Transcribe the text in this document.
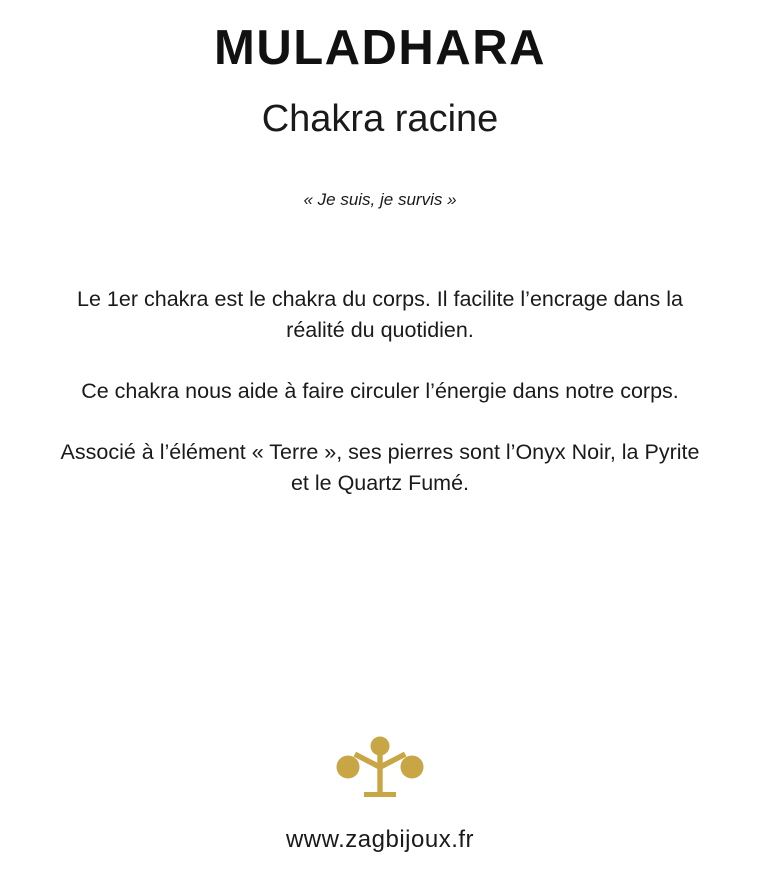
MULADHARA
Chakra racine
« Je suis, je survis »

Le 1er chakra est le chakra du corps. Il facilite l’encrage dans la réalité du quotidien.

Ce chakra nous aide à faire circuler l’énergie dans notre corps.

Associé à l’élément « Terre », ses pierres sont l’Onyx Noir, la Pyrite et le Quartz Fumé.

www.zagbijoux.fr
